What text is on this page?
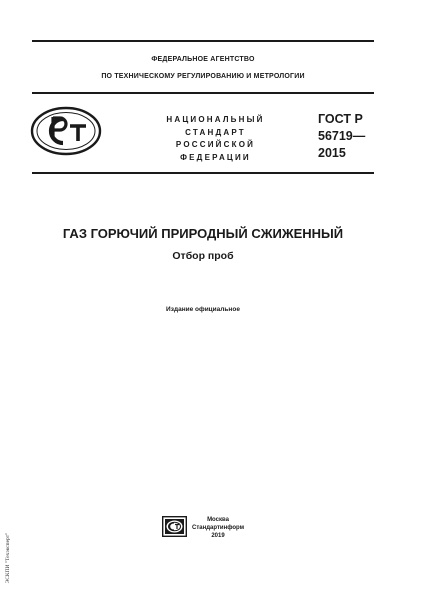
ФЕДЕРАЛЬНОЕ АГЕНТСТВО
ПО ТЕХНИЧЕСКОМУ РЕГУЛИРОВАНИЮ И МЕТРОЛОГИИ
НАЦИОНАЛЬНЫЙ
СТАНДАРТ
РОССИЙСКОЙ
ФЕДЕРАЦИИ
ГОСТ Р
56719—
2015
ГАЗ ГОРЮЧИЙ ПРИРОДНЫЙ СЖИЖЕННЫЙ
Отбор проб
Издание официальное
Москва
Стандартинформ
2019
ЭСКПИ "Техэксперт"
